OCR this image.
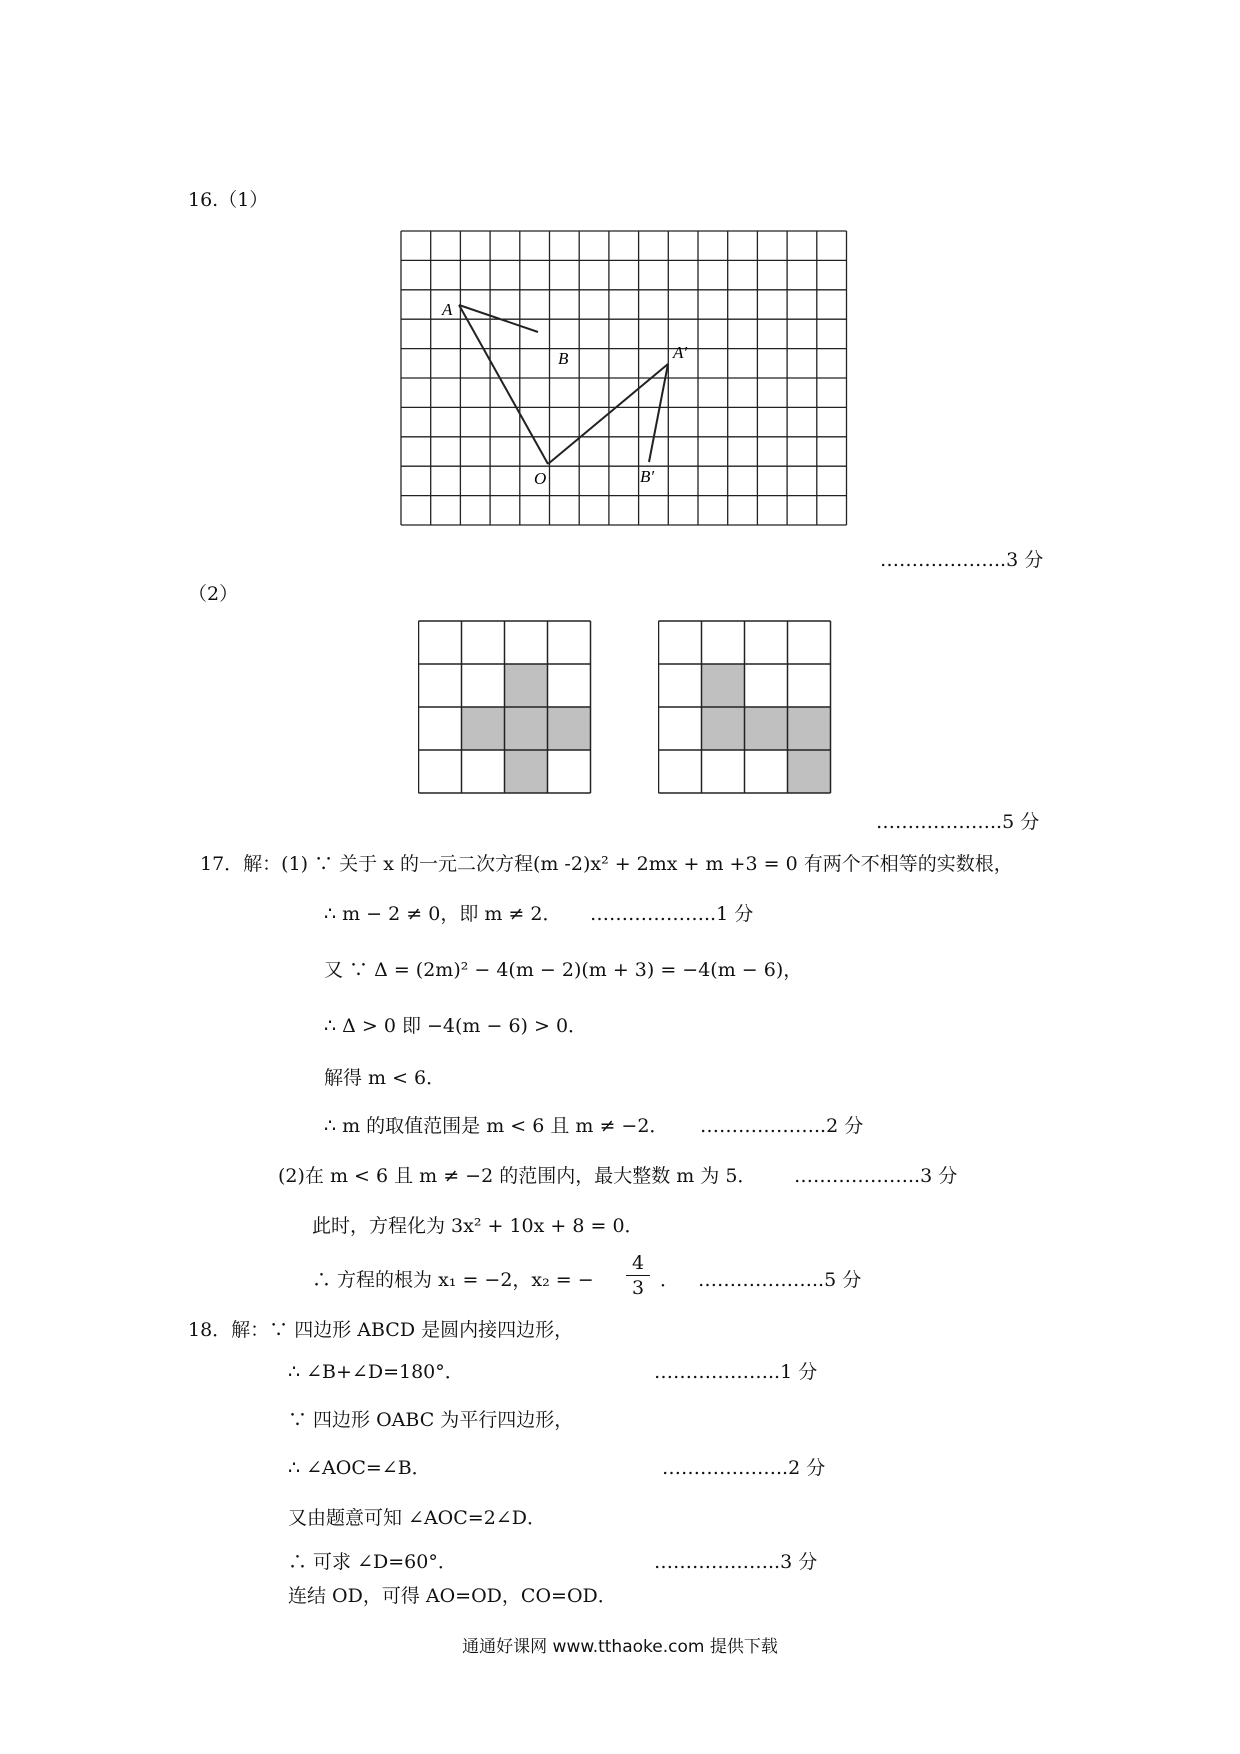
16.（1）
A
B
O
A′
B′
………………..3 分
（2）
………………..5 分
17．解：(1) ∵ 关于 x 的一元二次方程(m -2)x² + 2mx + m +3 = 0 有两个不相等的实数根，
∴ m − 2 ≠ 0，即 m ≠ 2． ………………..1 分
又 ∵ Δ = (2m)² − 4(m − 2)(m + 3) = −4(m − 6)，
∴ Δ > 0 即 −4(m − 6) > 0．
解得 m < 6．
∴ m 的取值范围是 m < 6 且 m ≠ −2． ………………..2 分
(2)在 m < 6 且 m ≠ −2 的范围内，最大整数 m 为 5． ………………..3 分
此时，方程化为 3x² + 10x + 8 = 0．
∴ 方程的根为 x₁ = −2，x₂ = −
4
3 ． ………………..5 分
18．解：∵ 四边形 ABCD 是圆内接四边形，
∴ ∠B+∠D=180°．	………………..1 分
∵ 四边形 OABC 为平行四边形，
∴ ∠AOC=∠B．	………………..2 分
又由题意可知 ∠AOC=2∠D．
∴ 可求 ∠D=60°．	………………..3 分
连结 OD，可得 AO=OD，CO=OD．
通通好课网 www.tthaoke.com 提供下载
